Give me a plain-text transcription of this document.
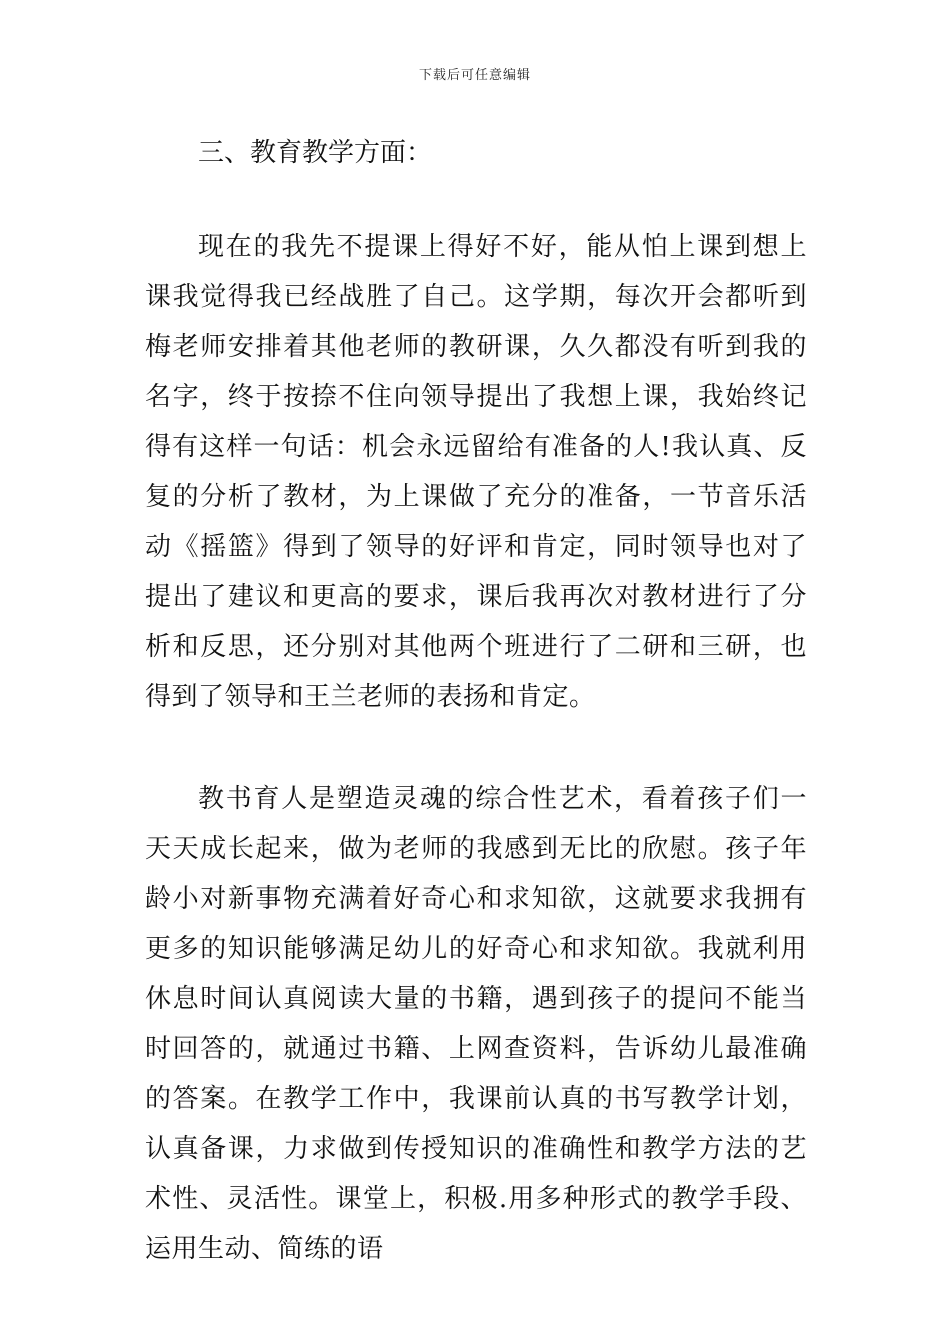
下载后可任意编辑
三、教育教学方面：

现在的我先不提课上得好不好，能从怕上课到想上课我觉得我已经战胜了自己。这学期，每次开会都听到梅老师安排着其他老师的教研课，久久都没有听到我的名字，终于按捺不住向领导提出了我想上课，我始终记得有这样一句话：机会永远留给有准备的人!我认真、反复的分析了教材，为上课做了充分的准备，一节音乐活动《摇篮》得到了领导的好评和肯定，同时领导也对了提出了建议和更高的要求，课后我再次对教材进行了分析和反思，还分别对其他两个班进行了二研和三研，也得到了领导和王兰老师的表扬和肯定。

教书育人是塑造灵魂的综合性艺术，看着孩子们一天天成长起来，做为老师的我感到无比的欣慰。孩子年龄小对新事物充满着好奇心和求知欲，这就要求我拥有更多的知识能够满足幼儿的好奇心和求知欲。我就利用休息时间认真阅读大量的书籍，遇到孩子的提问不能当时回答的，就通过书籍、上网查资料，告诉幼儿最准确的答案。在教学工作中，我课前认真的书写教学计划，认真备课，力求做到传授知识的准确性和教学方法的艺术性、灵活性。课堂上，积极.用多种形式的教学手段、运用生动、简练的语
